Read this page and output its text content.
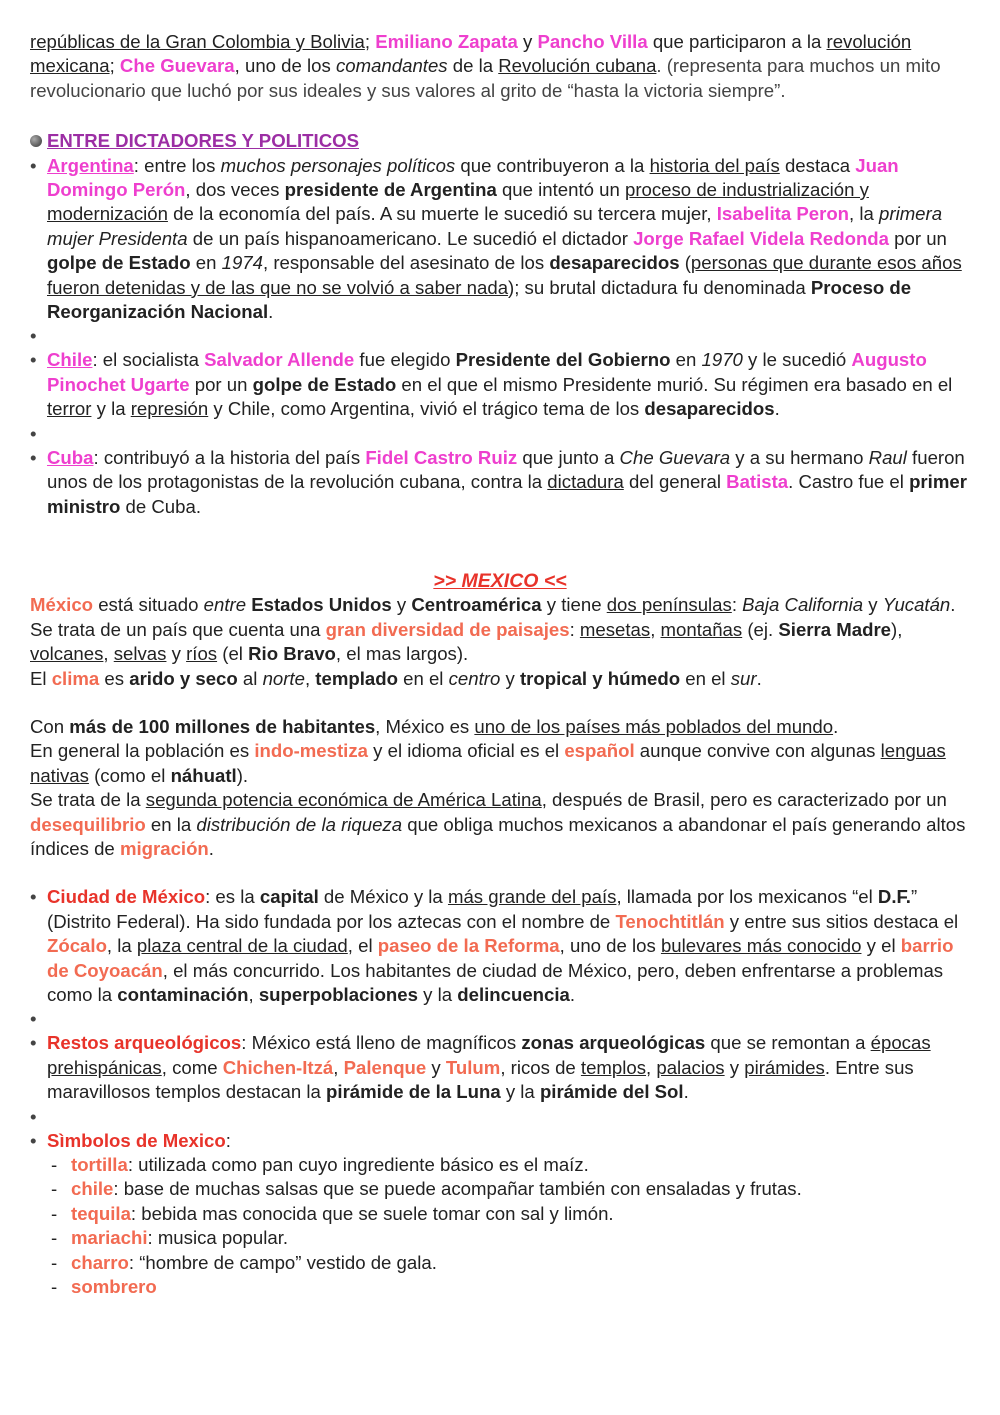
repúblicas de la Gran Colombia y Bolivia; Emiliano Zapata y Pancho Villa que participaron a la revolución mexicana; Che Guevara, uno de los comandantes de la Revolución cubana. (representa para muchos un mito revolucionario que luchó por sus ideales y sus valores al grito de “hasta la victoria siempre”.

ENTRE DICTADORES Y POLITICOS
• Argentina: entre los muchos personajes políticos que contribuyeron a la historia del país destaca Juan Domingo Perón, dos veces presidente de Argentina que intentó un proceso de industrialización y modernización de la economía del país. A su muerte le sucedió su tercera mujer, Isabelita Peron, la primera mujer Presidenta de un país hispanoamericano. Le sucedió el dictador Jorge Rafael Videla Redonda por un golpe de Estado en 1974, responsable del asesinato de los desaparecidos (personas que durante esos años fueron detenidas y de las que no se volvió a saber nada); su brutal dictadura fu denominada Proceso de Reorganización Nacional.
•
• Chile: el socialista Salvador Allende fue elegido Presidente del Gobierno en 1970 y le sucedió Augusto Pinochet Ugarte por un golpe de Estado en el que el mismo Presidente murió. Su régimen era basado en el terror y la represión y Chile, como Argentina, vivió el trágico tema de los desaparecidos.
•
• Cuba: contribuyó a la historia del país Fidel Castro Ruiz que junto a Che Guevara y a su hermano Raul fueron unos de los protagonistas de la revolución cubana, contra la dictadura del general Batista. Castro fue el primer ministro de Cuba.
>> MEXICO <<

México está situado entre Estados Unidos y Centroamérica y tiene dos penínsulas: Baja California y Yucatán. Se trata de un país que cuenta una gran diversidad de paisajes: mesetas, montañas (ej. Sierra Madre), volcanes, selvas y ríos (el Rio Bravo, el mas largos).

El clima es arido y seco al norte, templado en el centro y tropical y húmedo en el sur.

Con más de 100 millones de habitantes, México es uno de los países más poblados del mundo.

En general la población es indo-mestiza y el idioma oficial es el español aunque convive con algunas lenguas nativas (como el náhuatl).

Se trata de la segunda potencia económica de América Latina, después de Brasil, pero es caracterizado por un desequilibrio en la distribución de la riqueza que obliga muchos mexicanos a abandonar el país generando altos índices de migración.

• Ciudad de México: es la capital de México y la más grande del país, llamada por los mexicanos “el D.F.” (Distrito Federal). Ha sido fundada por los aztecas con el nombre de Tenochtitlán y entre sus sitios destaca el Zócalo, la plaza central de la ciudad, el paseo de la Reforma, uno de los bulevares más conocido y el barrio de Coyoacán, el más concurrido. Los habitantes de ciudad de México, pero, deben enfrentarse a problemas como la contaminación, superpoblaciones y la delincuencia.
•
• Restos arqueológicos: México está lleno de magníficos zonas arqueológicas que se remontan a épocas prehispánicas, come Chichen-Itzá, Palenque y Tulum, ricos de templos, palacios y pirámides. Entre sus maravillosos templos destacan la pirámide de la Luna y la pirámide del Sol.
•
• Sìmbolos de Mexico:
- tortilla: utilizada como pan cuyo ingrediente básico es el maíz.
- chile: base de muchas salsas que se puede acompañar también con ensaladas y frutas.
- tequila: bebida mas conocida que se suele tomar con sal y limón.
- mariachi: musica popular.
- charro: “hombre de campo” vestido de gala.
- sombrero
